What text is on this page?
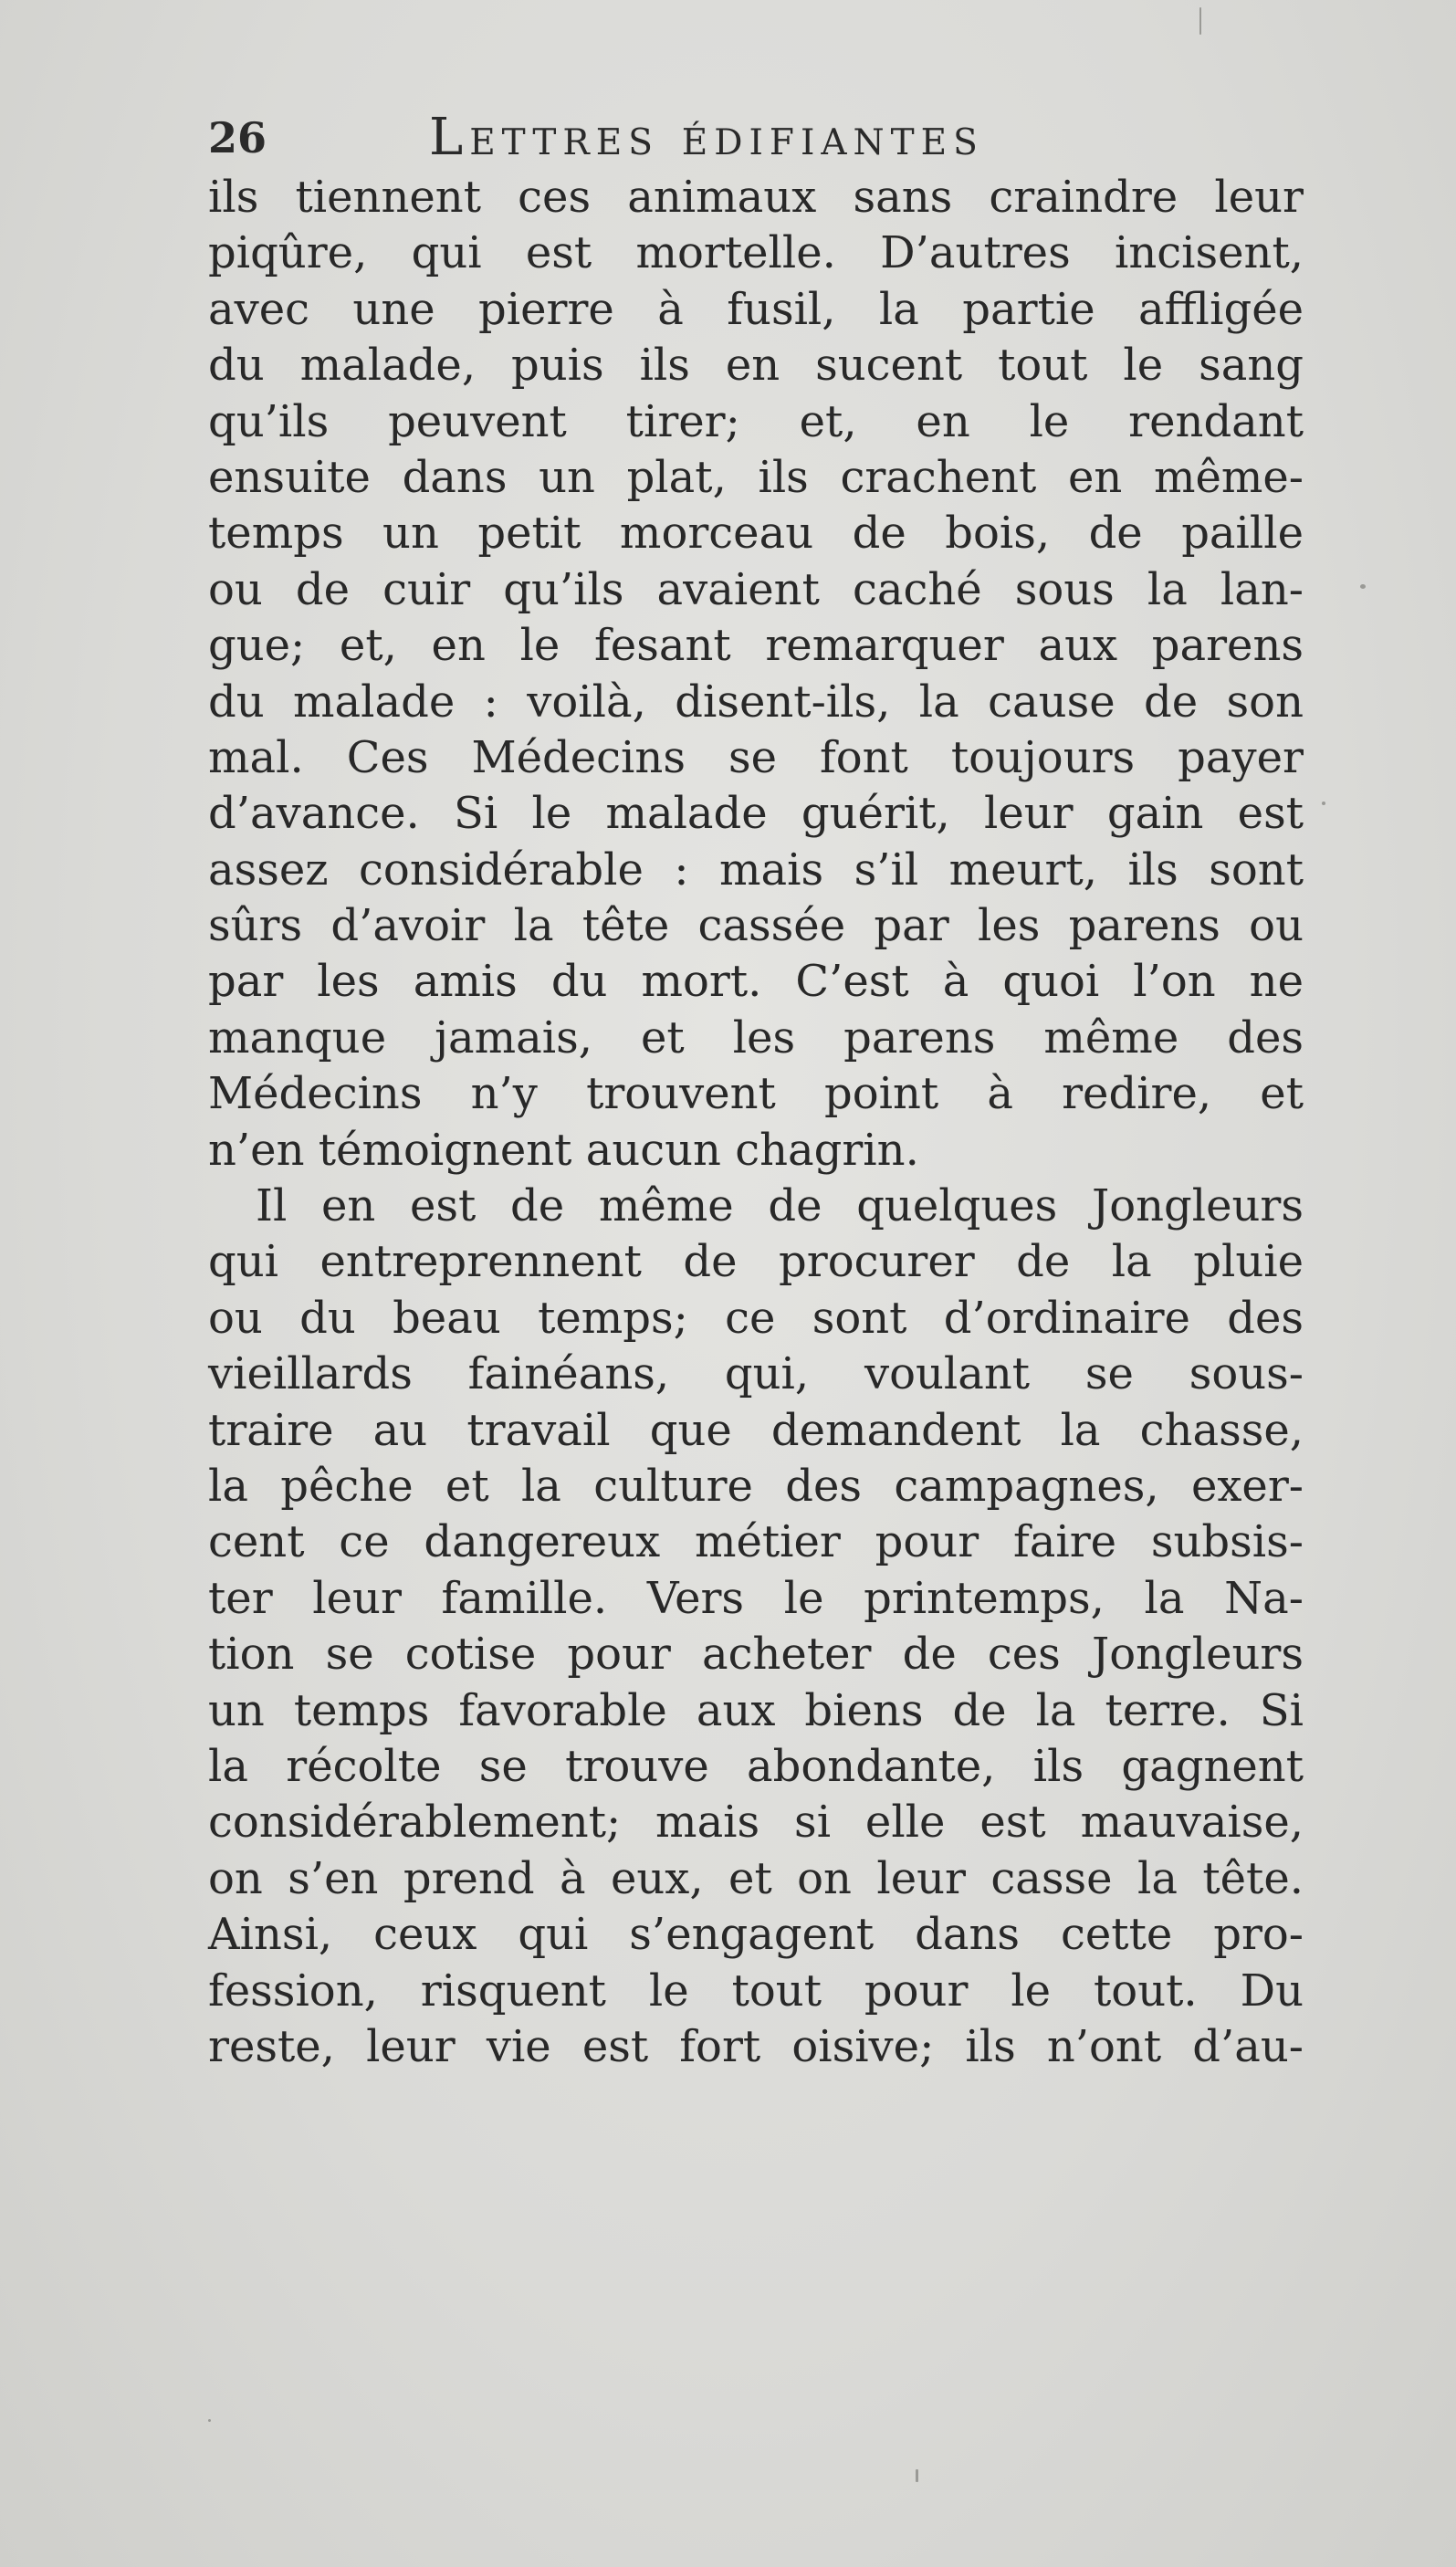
26	Lettres édifiantes
ils tiennent ces animaux sans craindre leur
piqûre, qui est mortelle. D’autres incisent,
avec une pierre à fusil, la partie affligée
du malade, puis ils en sucent tout le sang
qu’ils peuvent tirer; et, en le rendant
ensuite dans un plat, ils crachent en même-
temps un petit morceau de bois, de paille
ou de cuir qu’ils avaient caché sous la lan-
gue; et, en le fesant remarquer aux parens
du malade : voilà, disent-ils, la cause de son
mal. Ces Médecins se font toujours payer
d’avance. Si le malade guérit, leur gain est
assez considérable : mais s’il meurt, ils sont
sûrs d’avoir la tête cassée par les parens ou
par les amis du mort. C’est à quoi l’on ne
manque jamais, et les parens même des
Médecins n’y trouvent point à redire, et
n’en témoignent aucun chagrin.
Il en est de même de quelques Jongleurs
qui entreprennent de procurer de la pluie
ou du beau temps; ce sont d’ordinaire des
vieillards fainéans, qui, voulant se sous-
traire au travail que demandent la chasse,
la pêche et la culture des campagnes, exer-
cent ce dangereux métier pour faire subsis-
ter leur famille. Vers le printemps, la Na-
tion se cotise pour acheter de ces Jongleurs
un temps favorable aux biens de la terre. Si
la récolte se trouve abondante, ils gagnent
considérablement; mais si elle est mauvaise,
on s’en prend à eux, et on leur casse la tête.
Ainsi, ceux qui s’engagent dans cette pro-
fession, risquent le tout pour le tout. Du
reste, leur vie est fort oisive; ils n’ont d’au-
